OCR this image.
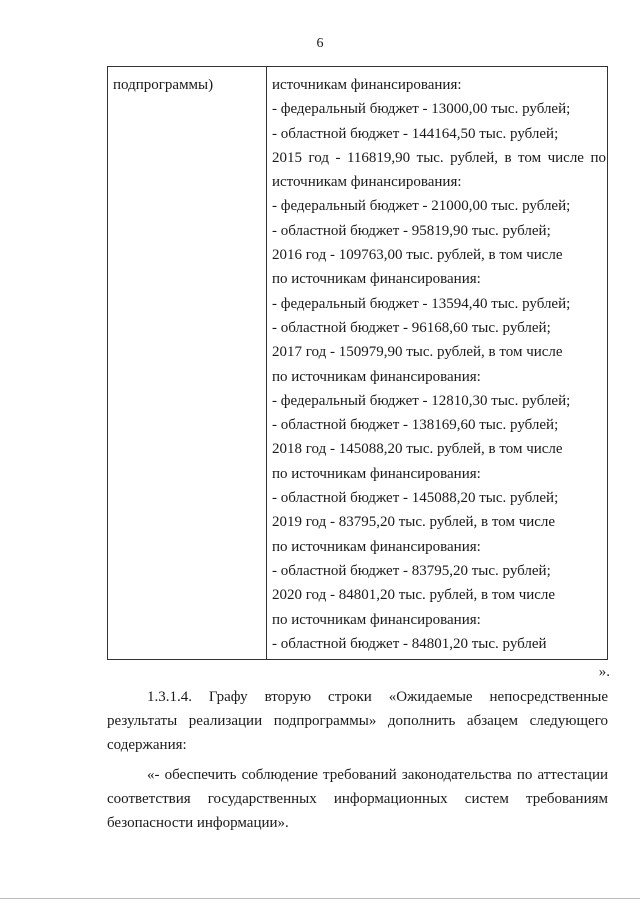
6
подпрограммы)	источникам финансирования:
- федеральный бюджет - 13000,00 тыс. рублей;
- областной бюджет - 144164,50 тыс. рублей;
2015 год - 116819,90 тыс. рублей, в том числе по
источникам финансирования:
- федеральный бюджет - 21000,00 тыс. рублей;
- областной бюджет - 95819,90 тыс. рублей;
2016 год - 109763,00 тыс. рублей, в том числе
по источникам финансирования:
- федеральный бюджет - 13594,40 тыс. рублей;
- областной бюджет - 96168,60 тыс. рублей;
2017 год - 150979,90 тыс. рублей, в том числе
по источникам финансирования:
- федеральный бюджет - 12810,30 тыс. рублей;
- областной бюджет - 138169,60 тыс. рублей;
2018 год - 145088,20 тыс. рублей, в том числе
по источникам финансирования:
- областной бюджет - 145088,20 тыс. рублей;
2019 год - 83795,20 тыс. рублей, в том числе
по источникам финансирования:
- областной бюджет - 83795,20 тыс. рублей;
2020 год - 84801,20 тыс. рублей, в том числе
по источникам финансирования:
- областной бюджет - 84801,20 тыс. рублей
».
1.3.1.4. Графу вторую строки «Ожидаемые непосредственные
результаты реализации подпрограммы» дополнить абзацем следующего
содержания:
«- обеспечить соблюдение требований законодательства по аттестации
соответствия государственных информационных систем требованиям
безопасности информации».
